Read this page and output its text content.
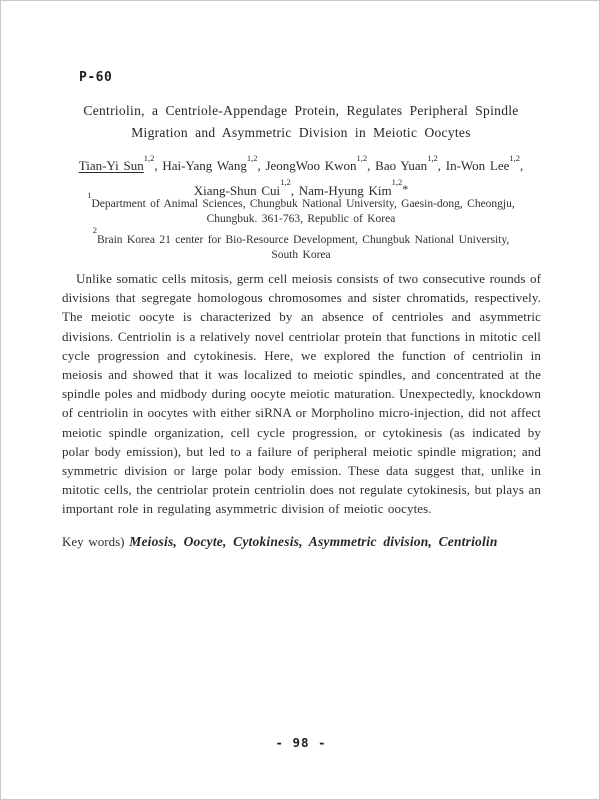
P-60
Centriolin, a Centriole-Appendage Protein, Regulates Peripheral Spindle
Migration and Asymmetric Division in Meiotic Oocytes
Tian-Yi Sun$^{1,2}$, Hai-Yang Wang$^{1,2}$, JeongWoo Kwon$^{1,2}$, Bao Yuan$^{1,2}$, In-Won Lee$^{1,2}$,
Xiang-Shun Cui$^{1,2}$, Nam-Hyung Kim$^{1,2}$*
$^1$Department of Animal Sciences, Chungbuk National University, Gaesin-dong, Cheongju,
Chungbuk. 361-763, Republic of Korea
$^2$Brain Korea 21 center for Bio-Resource Development, Chungbuk National University,
South Korea
Unlike somatic cells mitosis, germ cell meiosis consists of two consecutive rounds of divisions that segregate homologous chromosomes and sister chromatids, respectively. The meiotic oocyte is characterized by an absence of centrioles and asymmetric divisions. Centriolin is a relatively novel centriolar protein that functions in mitotic cell cycle progression and cytokinesis. Here, we explored the function of centriolin in meiosis and showed that it was localized to meiotic spindles, and concentrated at the spindle poles and midbody during oocyte meiotic maturation. Unexpectedly, knockdown of centriolin in oocytes with either siRNA or Morpholino micro-injection, did not affect meiotic spindle organization, cell cycle progression, or cytokinesis (as indicated by polar body emission), but led to a failure of peripheral meiotic spindle migration; and symmetric division or large polar body emission. These data suggest that, unlike in mitotic cells, the centriolar protein centriolin does not regulate cytokinesis, but plays an important role in regulating asymmetric division of meiotic oocytes.
Key words) Meiosis, Oocyte, Cytokinesis, Asymmetric division, Centriolin
- 98 -
